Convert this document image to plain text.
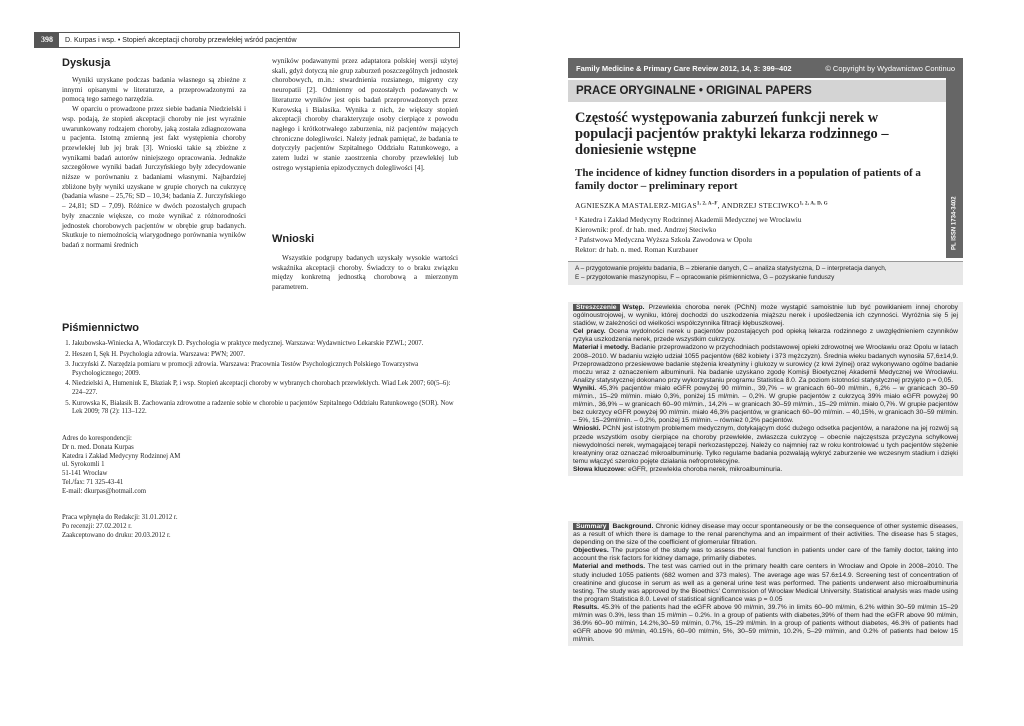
398	D. Kurpas i wsp. • Stopień akceptacji choroby przewlekłej wśród pacjentów
Dyskusja

Wyniki uzyskane podczas badania własnego są zbieżne z innymi opisanymi w literaturze, a przeprowadzonymi za pomocą tego samego narzędzia.

W oparciu o prowadzone przez siebie badania Niedzielski i wsp. podają, że stopień akceptacji choroby nie jest wyraźnie uwarunkowany rodzajem choroby, jaką została zdiagnozowana u pacjenta. Istotną zmienną jest fakt występienia choroby przewlekłej lub jej brak [3]. Wnioski takie są zbieżne z wynikami badań autorów niniejszego opracowania. Jednakże szczegółowe wyniki badań Jurczyńskiego były zdecydowanie niższe w porównaniu z badaniami własnymi. Najbardziej zbliżone były wyniki uzyskane w grupie chorych na cukrzycę (badania własne – 25,76; SD – 10,34; badania Z. Jurczyńskiego – 24,81; SD – 7,09). Różnice w dwóch pozostałych grupach były znacznie większe, co może wynikać z różnorodności jednostek chorobowych pacjentów w obrębie grup badanych. Skutkuje to niemożnością wiarygodnego porównania wyników badań z normami średnich

wyników podawanymi przez adaptatora polskiej wersji użytej skali, gdyż dotyczą nie grup zaburzeń poszczególnych jednostek chorobowych, m.in.: stwardnienia rozsianego, migreny czy neuropatii [2]. Odmienny od pozostałych podawanych w literaturze wyników jest opis badań przeprowadzonych przez Kurowską i Białasika. Wynika z nich, że większy stopień akceptacji choroby charakteryzuje osoby cierpiące z powodu nagłego i krótkotrwałego zaburzenia, niż pacjentów mających chroniczne dolegliwości. Należy jednak pamiętać, że badania te dotyczyły pacjentów Szpitalnego Oddziału Ratunkowego, a zatem ludzi w stanie zaostrzenia choroby przewlekłej lub ostrego wystąpienia epizodycznych dolegliwości [4].

Wnioski

Wszystkie podgrupy badanych uzyskały wysokie wartości wskaźnika akceptacji choroby. Świadczy to o braku związku między konkretną jednostką chorobową a mierzonym parametrem.

Piśmiennictwo
1. Jakubowska-Winiecka A, Włodarczyk D. Psychologia w praktyce medycznej. Warszawa: Wydawnictwo Lekarskie PZWL; 2007.
2. Heszen I, Sęk H. Psychologia zdrowia. Warszawa: PWN; 2007.
3. Juczyński Z. Narzędzia pomiaru w promocji zdrowia. Warszawa: Pracownia Testów Psychologicznych Polskiego Towarzystwa Psychologicznego; 2009.
4. Niedzielski A, Humeniuk E, Błaziak P, i wsp. Stopień akceptacji choroby w wybranych chorobach przewlekłych. Wiad Lek 2007; 60(5–6): 224–227.
5. Kurowska K, Białasik B. Zachowania zdrowotne a radzenie sobie w chorobie u pacjentów Szpitalnego Oddziału Ratunkowego (SOR). Now Lek 2009; 78 (2): 113–122.
Adres do korespondencji:
Dr n. med. Donata Kurpas
Katedra i Zakład Medycyny Rodzinnej AM
ul. Syrokomli 1
51-141 Wrocław
Tel./fax: 71 325-43-41
E-mail: dkurpas@hotmail.com
Praca wpłynęła do Redakcji: 31.01.2012 r.
Po recenzji: 27.02.2012 r.
Zaakceptowano do druku: 20.03.2012 r.
Family Medicine & Primary Care Review 2012, 14, 3: 399–402	© Copyright by Wydawnictwo Continuo
PL ISSN 1734-3402
PRACE ORYGINALNE • ORIGINAL PAPERS
Częstość występowania zaburzeń funkcji nerek w populacji pacjentów praktyki lekarza rodzinnego – doniesienie wstępne
The incidence of kidney function disorders in a population of patients of a family doctor – preliminary report
AGNIESZKA MASTALERZ-$MIGAS^{1, 2, A-F}$, ANDRZEJ $STECIWKO^{1, 2, A, D, G}$
¹ Katedra i Zakład Medycyny Rodzinnej Akademii Medycznej we Wrocławiu
Kierownik: prof. dr hab. med. Andrzej Steciwko
² Państwowa Medyczna Wyższa Szkoła Zawodowa w Opolu
Rektor: dr hab. n. med. Roman Kurzbauer
A – przygotowanie projektu badania, B – zbieranie danych, C – analiza statystyczna, D – interpretacja danych,
E – przygotowanie maszynopisu, F – opracowanie piśmiennictwa, G – pozyskanie funduszy

Streszczenie Wstęp. Przewlekła choroba nerek (PChN) może wystąpić samoistnie lub być powikłaniem innej choroby ogólnoustrojowej, w wyniku, której dochodzi do uszkodzenia miąższu nerek i upośledzenia ich czynności. Wyróżnia się 5 jej stadiów, w zależności od wielkości współczynnika filtracji kłębuszkowej.

Cel pracy. Ocena wydolności nerek u pacjentów pozostających pod opieką lekarza rodzinnego z uwzględnieniem czynników ryzyka uszkodzenia nerek, przede wszystkim cukrzycy.

Materiał i metody. Badanie przeprowadzono w przychodniach podstawowej opieki zdrowotnej we Wrocławiu oraz Opolu w latach 2008–2010. W badaniu wzięło udział 1055 pacjentów (682 kobiety i 373 mężczyzn). Średnia wieku badanych wynosiła 57,6±14,9. Przeprowadzono przesiewowe badanie stężenia kreatyniny i glukozy w surowicy (z krwi żylnej) oraz wykonywano ogólne badanie moczu wraz z oznaczeniem albuminurii. Na badanie uzyskano zgodę Komisji Bioetycznej Akademii Medycznej we Wrocławiu. Analizy statystycznej dokonano przy wykorzystaniu programu Statistica 8.0. Za poziom istotności statystycznej przyjęto p = 0,05.

Wyniki. 45,3% pacjentów miało eGFR powyżej 90 ml/min., 39,7% – w granicach 60–90 ml/min., 6,2% – w granicach 30–59 ml/min., 15–29 ml/min. miało 0,3%, poniżej 15 ml/min. – 0,2%. W grupie pacjentów z cukrzycą 39% miało eGFR powyżej 90 ml/min., 36,9% – w granicach 60–90 ml/min., 14,2% – w granicach 30–59 ml/min., 15–29 ml/min. miało 0,7%. W grupie pacjentów bez cukrzycy eGFR powyżej 90 ml/min. miało 46,3% pacjentów, w granicach 60–90 ml/min. – 40,15%, w granicach 30–59 ml/min. – 5%, 15–29ml/min. – 0,2%, poniżej 15 ml/min. – również 0,2% pacjentów.

Wnioski. PChN jest istotnym problemem medycznym, dotykającym dość dużego odsetka pacjentów, a narażone na jej rozwój są przede wszystkim osoby cierpiące na choroby przewlekłe, zwłaszcza cukrzycę – obecnie najczęstsza przyczyna schyłkowej niewydolności nerek, wymagającej terapii nerkozastępczej. Należy co najmniej raz w roku kontrolować u tych pacjentów stężenie kreatyniny oraz oznaczać mikroalbuminurię. Tylko regularne badania pozwalają wykryć zaburzenie we wczesnym stadium i dzięki temu włączyć szeroko pojęte działania nefroprotekcyjne.

Słowa kluczowe: eGFR, przewlekła choroba nerek, mikroalbuminuria.

Summary Background. Chronic kidney disease may occur spontaneously or be the consequence of other systemic diseases, as a result of which there is damage to the renal parenchyma and an impairment of their activities. The disease has 5 stages, depending on the size of the coefficient of glomerular filtration.

Objectives. The purpose of the study was to assess the renal function in patients under care of the family doctor, taking into account the risk factors for kidney damage, primarily diabetes.

Material and methods. The test was carried out in the primary health care centers in Wrocław and Opole in 2008–2010. The study included 1055 patients (682 women and 373 males). The average age was 57.6±14.9. Screening test of concentration of creatinine and glucose in serum as well as a general urine test was performed. The patients underwent also microalbuminuria testing. The study was approved by the Bioethics' Commission of Wrocław Medical University. Statistical analysis was made using the program Statistica 8.0. Level of statistical significance was p = 0.05

Results. 45.3% of the patients had the eGFR above 90 ml/min, 39.7% in limits 60–90 ml/min, 6.2% within 30–59 ml/min 15–29 ml/min was 0.3%, less than 15 ml/min – 0.2%. In a group of patients with diabetes,39% of them had the eGFR above 90 ml/min, 36.9% 60–90 ml/min, 14.2%,30–59 ml/min, 0.7%, 15–29 ml/min. In a group of patients without diabetes, 46.3% of patients had eGFR above 90 ml/min, 40.15%, 60–90 ml/min, 5%, 30–59 ml/min, 10.2%, 5–29 ml/min, and 0.2% of patients had below 15 ml/min.
